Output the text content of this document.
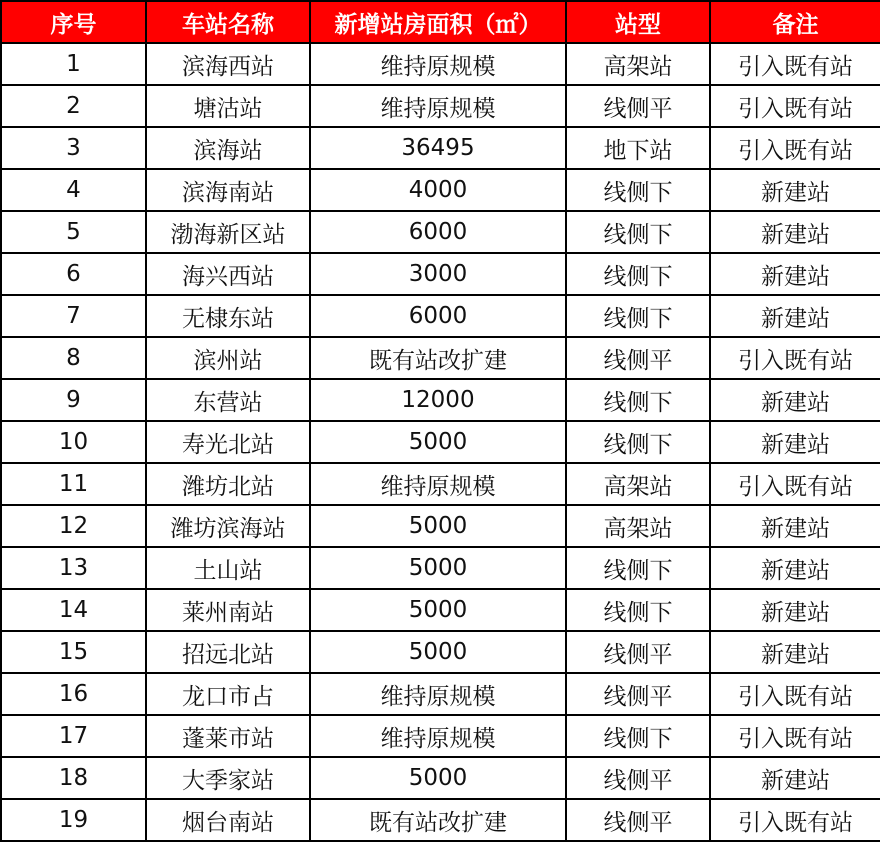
序号	车站名称	新增站房面积（㎡）	站型	备注
1	滨海西站	维持原规模	高架站	引入既有站
2	塘沽站	维持原规模	线侧平	引入既有站
3	滨海站	36495	地下站	引入既有站
4	滨海南站	4000	线侧下	新建站
5	渤海新区站	6000	线侧下	新建站
6	海兴西站	3000	线侧下	新建站
7	无棣东站	6000	线侧下	新建站
8	滨州站	既有站改扩建	线侧平	引入既有站
9	东营站	12000	线侧下	新建站
10	寿光北站	5000	线侧下	新建站
11	潍坊北站	维持原规模	高架站	引入既有站
12	潍坊滨海站	5000	高架站	新建站
13	土山站	5000	线侧下	新建站
14	莱州南站	5000	线侧下	新建站
15	招远北站	5000	线侧平	新建站
16	龙口市占	维持原规模	线侧平	引入既有站
17	蓬莱市站	维持原规模	线侧下	引入既有站
18	大季家站	5000	线侧平	新建站
19	烟台南站	既有站改扩建	线侧平	引入既有站
